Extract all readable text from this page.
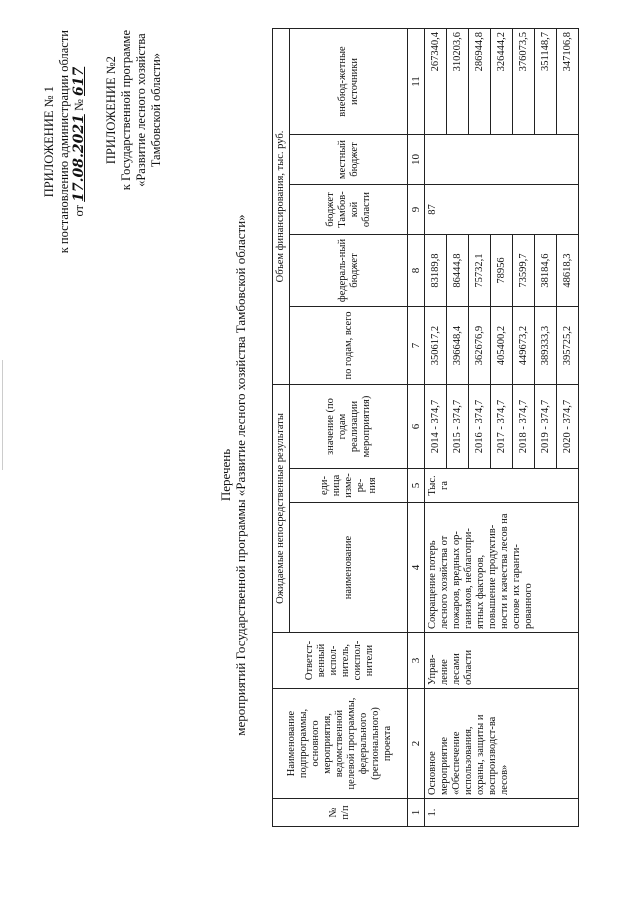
ПРИЛОЖЕНИЕ № 1 к постановлению администрации области от 17.08.2021 № 617 ПРИЛОЖЕНИЕ №2 к Государственной программе «Развитие лесного хозяйства Тамбовской области»
Перечень мероприятий Государственной программы «Развитие лесного хозяйства Тамбовской области»
№ п/п	Наименование подпрограммы, основного мероприятия, ведомственной целевой программы, федерального (регионального) проекта	Ответст-венный испол-нитель, соиспол-нители	Ожидаемые непосредственные результаты			Объем финансирования, тыс. руб.				
			наименование	еди-ница изме-ре-ния	значение (по годам реализации мероприятия)	по годам, всего	федераль-ный бюджет	бюджет Тамбов-кой области	местный бюджет	внебюд-жетные источники
1	2	3	4	5	6	7	8	9	10	11
1.	Основное мероприятие «Обеспечение использования, охраны, защиты и воспроизводст-ва лесов»	Управ-ление лесами области	Сокращение потерь лесного хозяйства от пожаров, вредных ор-ганизмов, неблагопри-ятных факторов, повышение продуктив-ности и качества лесов на основе их гаранти-рованного	Тыс. га	2014 - 374,7	350617,2	83189,8	87		267340,4
					2015 - 374,7	396648,4	86444,8			310203,6
					2016 - 374,7	362676,9	75732,1			286944,8
					2017 - 374,7	405400,2	78956			326444,2
					2018 - 374,7	449673,2	73599,7			376073,5
					2019 - 374,7	389333,3	38184,6			351148,7
					2020 - 374,7	395725,2	48618,3			347106,8
